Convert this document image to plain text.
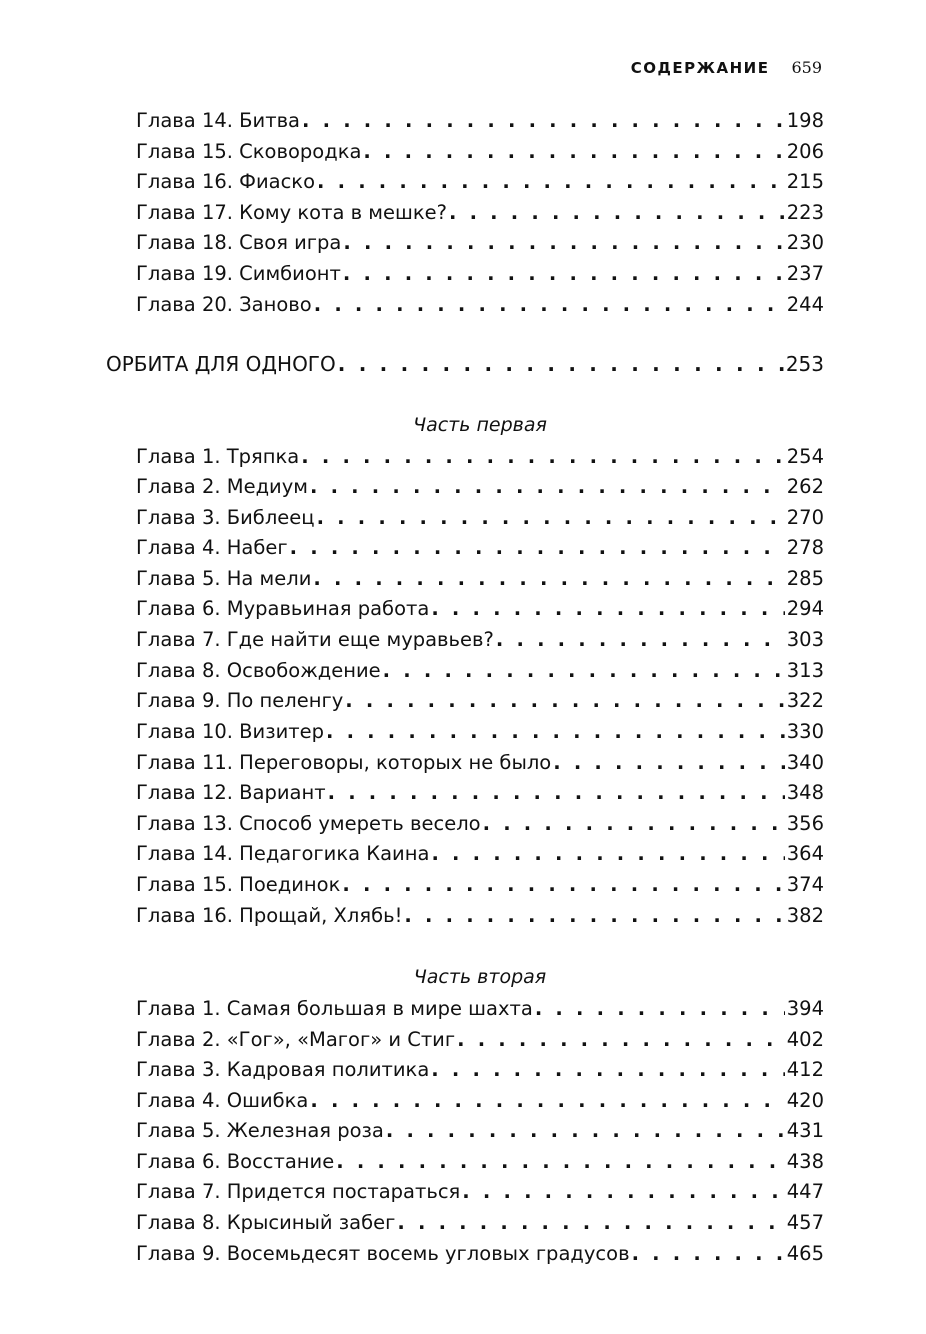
СОДЕРЖАНИЕ 659
Глава 14. Битва . . .	198
Глава 15. Сковородка . . .	206
Глава 16. Фиаско . . .	215
Глава 17. Кому кота в мешке? . . .	223
Глава 18. Своя игра . . .	230
Глава 19. Симбионт . . .	237
Глава 20. Заново . . .	244
ОРБИТА ДЛЯ ОДНОГО . . .	253
Часть первая
Глава 1. Тряпка . . .	254
Глава 2. Медиум . . .	262
Глава 3. Библеец . . .	270
Глава 4. Набег . . .	278
Глава 5. На мели . . .	285
Глава 6. Муравьиная работа . . .	294
Глава 7. Где найти еще муравьев? . . .	303
Глава 8. Освобождение . . .	313
Глава 9. По пеленгу . . .	322
Глава 10. Визитер . . .	330
Глава 11. Переговоры, которых не было . . .	340
Глава 12. Вариант . . .	348
Глава 13. Способ умереть весело . . .	356
Глава 14. Педагогика Каина . . .	364
Глава 15. Поединок . . .	374
Глава 16. Прощай, Хлябь! . . .	382
Часть вторая
Глава 1. Самая большая в мире шахта . . .	394
Глава 2. «Гог», «Магог» и Стиг . . .	402
Глава 3. Кадровая политика . . .	412
Глава 4. Ошибка . . .	420
Глава 5. Железная роза . . .	431
Глава 6. Восстание . . .	438
Глава 7. Придется постараться . . .	447
Глава 8. Крысиный забег . . .	457
Глава 9. Восемьдесят восемь угловых градусов . . .	465
